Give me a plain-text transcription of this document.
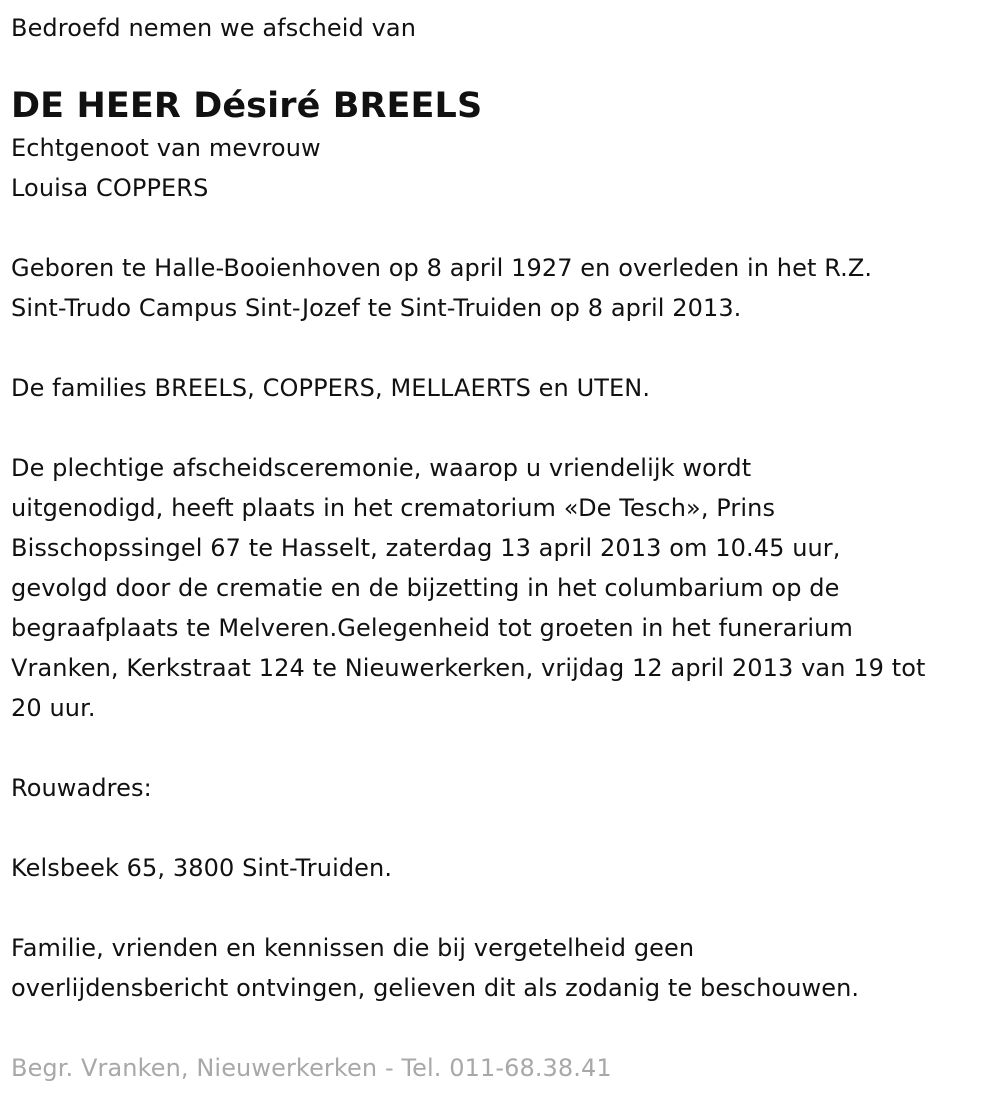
Bedroefd nemen we afscheid van
DE HEER Désiré BREELS
Echtgenoot van mevrouw
Louisa COPPERS
Geboren te Halle-Booienhoven op 8 april 1927 en overleden in het R.Z.
Sint-Trudo Campus Sint-Jozef te Sint-Truiden op 8 april 2013.
De families BREELS, COPPERS, MELLAERTS en UTEN.
De plechtige afscheidsceremonie, waarop u vriendelijk wordt
uitgenodigd, heeft plaats in het crematorium «De Tesch», Prins
Bisschopssingel 67 te Hasselt, zaterdag 13 april 2013 om 10.45 uur,
gevolgd door de crematie en de bijzetting in het columbarium op de
begraafplaats te Melveren.Gelegenheid tot groeten in het funerarium
Vranken, Kerkstraat 124 te Nieuwerkerken, vrijdag 12 april 2013 van 19 tot
20 uur.
Rouwadres:
Kelsbeek 65, 3800 Sint-Truiden.
Familie, vrienden en kennissen die bij vergetelheid geen
overlijdensbericht ontvingen, gelieven dit als zodanig te beschouwen.
Begr. Vranken, Nieuwerkerken - Tel. 011-68.38.41
